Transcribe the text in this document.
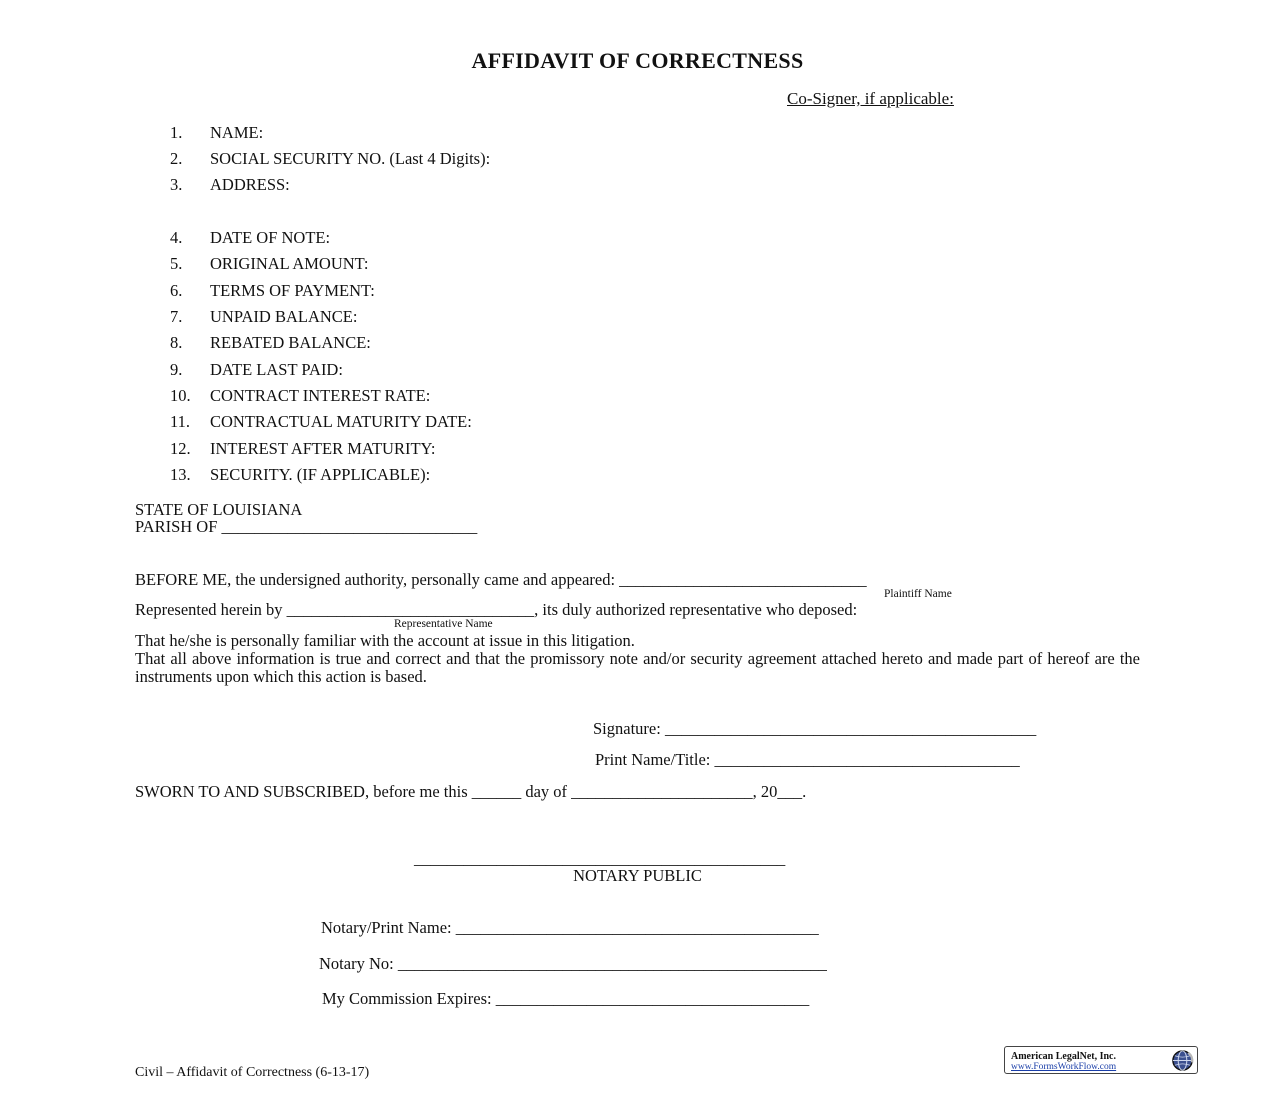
AFFIDAVIT OF CORRECTNESS
Co-Signer, if applicable:
1. NAME:
2. SOCIAL SECURITY NO. (Last 4 Digits):
3. ADDRESS:
4. DATE OF NOTE:
5. ORIGINAL AMOUNT:
6. TERMS OF PAYMENT:
7. UNPAID BALANCE:
8. REBATED BALANCE:
9. DATE LAST PAID:
10. CONTRACT INTEREST RATE:
11. CONTRACTUAL MATURITY DATE:
12. INTEREST AFTER MATURITY:
13. SECURITY. (IF APPLICABLE):
STATE OF LOUISIANA
PARISH OF _______________________________
BEFORE ME, the undersigned authority, personally came and appeared: ______________________________
Plaintiff Name
Represented herein by ______________________________, its duly authorized representative who deposed:
Representative Name
That he/she is personally familiar with the account at issue in this litigation.
That all above information is true and correct and that the promissory note and/or security agreement attached hereto and made part of hereof are the instruments upon which this action is based.
Signature: _____________________________________________
Print Name/Title: _____________________________________
SWORN TO AND SUBSCRIBED, before me this ______ day of ______________________, 20___.
_____________________________________________
NOTARY PUBLIC
Notary/Print Name: ____________________________________________
Notary No: ____________________________________________________
My Commission Expires: ______________________________________
Civil – Affidavit of Correctness (6-13-17)
American LegalNet, Inc.
www.FormsWorkFlow.com
